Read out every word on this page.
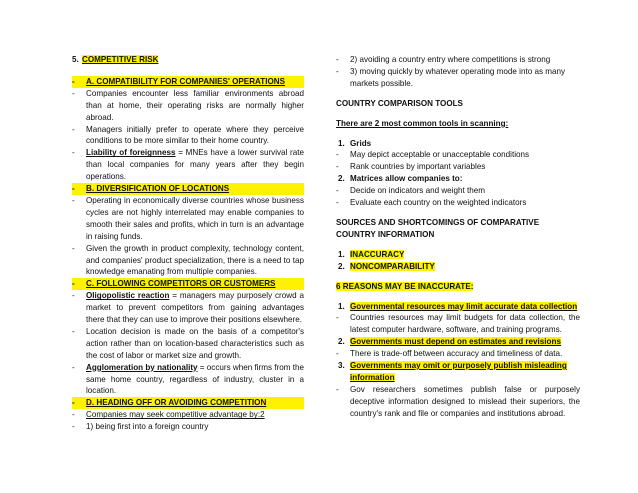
5. COMPETITIVE RISK
-	A. COMPATIBILITY FOR COMPANIES' OPERATIONS
-	Companies encounter less familiar environments abroad than at home, their operating risks are normally higher abroad.
-	Managers initially prefer to operate where they perceive conditions to be more similar to their home country.
-	Liability of foreignness = MNEs have a lower survival rate than local companies for many years after they begin operations.
-	B. DIVERSIFICATION OF LOCATIONS
-	Operating in economically diverse countries whose business cycles are not highly interrelated may enable companies to smooth their sales and profits, which in turn is an advantage in raising funds.
-	Given the growth in product complexity, technology content, and companies' product specialization, there is a need to tap knowledge emanating from multiple companies.
-	C. FOLLOWING COMPETITORS OR CUSTOMERS
-	Oligopolistic reaction = managers may purposely crowd a market to prevent competitors from gaining advantages there that they can use to improve their positions elsewhere.
-	Location decision is made on the basis of a competitor's action rather than on location-based characteristics such as the cost of labor or market size and growth.
-	Agglomeration by nationality = occurs when firms from the same home country, regardless of industry, cluster in a location.
-	D. HEADING OFF OR AVOIDING COMPETITION
-	Companies may seek competitive advantage by:2
-	1) being first into a foreign country
-	2) avoiding a country entry where competitions is strong
-	3) moving quickly by whatever operating mode into as many markets possible.
COUNTRY COMPARISON TOOLS
There are 2 most common tools in scanning:
1. Grids
-	May depict acceptable or unacceptable conditions
-	Rank countries by important variables
2. Matrices allow companies to:
-	Decide on indicators and weight them
-	Evaluate each country on the weighted indicators
SOURCES AND SHORTCOMINGS OF COMPARATIVE COUNTRY INFORMATION
1. INACCURACY
2. NONCOMPARABILITY
6 REASONS MAY BE INACCURATE:
1. Governmental resources may limit accurate data collection
-	Countries resources may limit budgets for data collection, the latest computer hardware, software, and training programs.
2. Governments must depend on estimates and revisions
-	There is trade-off between accuracy and timeliness of data.
3. Governments may omit or purposely publish misleading information
-	Gov researchers sometimes publish false or purposely deceptive information designed to mislead their superiors, the country's rank and file or companies and institutions abroad.
